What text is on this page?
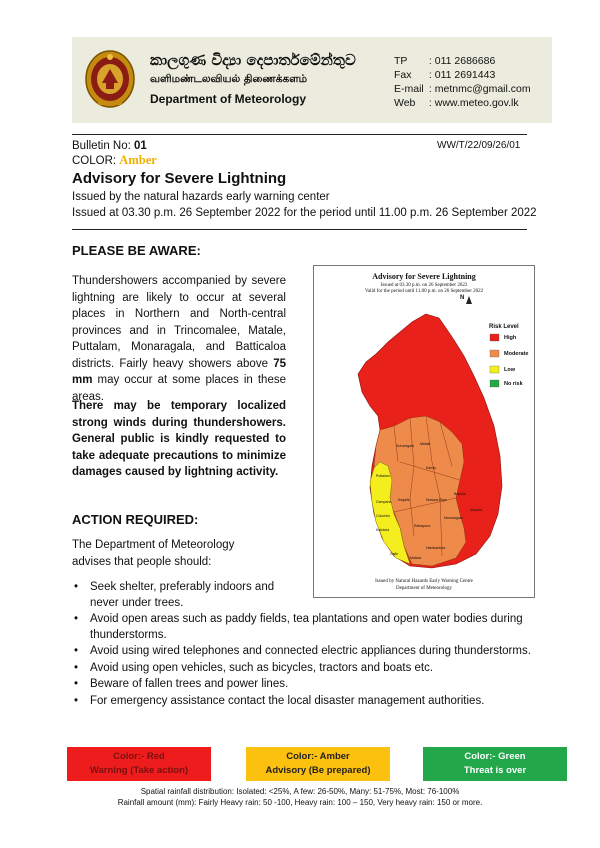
කාලගුණ විද්‍යා දෙපාර්තමේන්තුව
வளிமண்டலவியல் திணைக்களம்
Department of Meteorology
TP : 011 2686686
Fax : 011 2691443
E-mail : metnmc@gmail.com
Web : www.meteo.gov.lk
Bulletin No: 01	WW/T/22/09/26/01
COLOR: Amber
Advisory for Severe Lightning
Issued by the natural hazards early warning center
Issued at 03.30 p.m. 26 September 2022 for the period until 11.00 p.m. 26 September 2022
PLEASE BE AWARE:
Thundershowers accompanied by severe lightning are likely to occur at several places in Northern and North-central provinces and in Trincomalee, Matale, Puttalam, Monaragala, and Batticaloa districts. Fairly heavy showers above 75 mm may occur at some places in these areas.
There may be temporary localized strong winds during thundershowers. General public is kindly requested to take adequate precautions to minimize damages caused by lightning activity.
ACTION REQUIRED:
The Department of Meteorology advises that people should:
• Seek shelter, preferably indoors and never under trees.
• Avoid open areas such as paddy fields, tea plantations and open water bodies during thunderstorms.
• Avoid using wired telephones and connected electric appliances during thunderstorms.
• Avoid using open vehicles, such as bicycles, tractors and boats etc.
• Beware of fallen trees and power lines.
• For emergency assistance contact the local disaster management authorities.
Advisory for Severe Lightning
Issued at 03.30 p.m. on 26 September 2022
Valid for the period until 11.00 p.m. on 26 September 2022
N
Risk Level
High
Moderate
Low
No risk
Kurunegala
Kandy
Badulla
Monaragala
Ratnapura
Hambantota
Puttalam
Gampaha
Colombo
Kalutara
Galle
Matara
Kegalle	Nuwara Eliya
Ampara
Matale
Issued by Natural Hazards Early Warning Centre
Department of Meteorology
Color:- Red
Warning (Take action)
Color:- Amber
Advisory (Be prepared)
Color:- Green
Threat is over
Spatial rainfall distribution: Isolated: <25%, A few: 26-50%, Many: 51-75%, Most: 76-100%
Rainfall amount (mm): Fairly Heavy rain: 50 -100, Heavy rain: 100 – 150, Very heavy rain: 150 or more.
